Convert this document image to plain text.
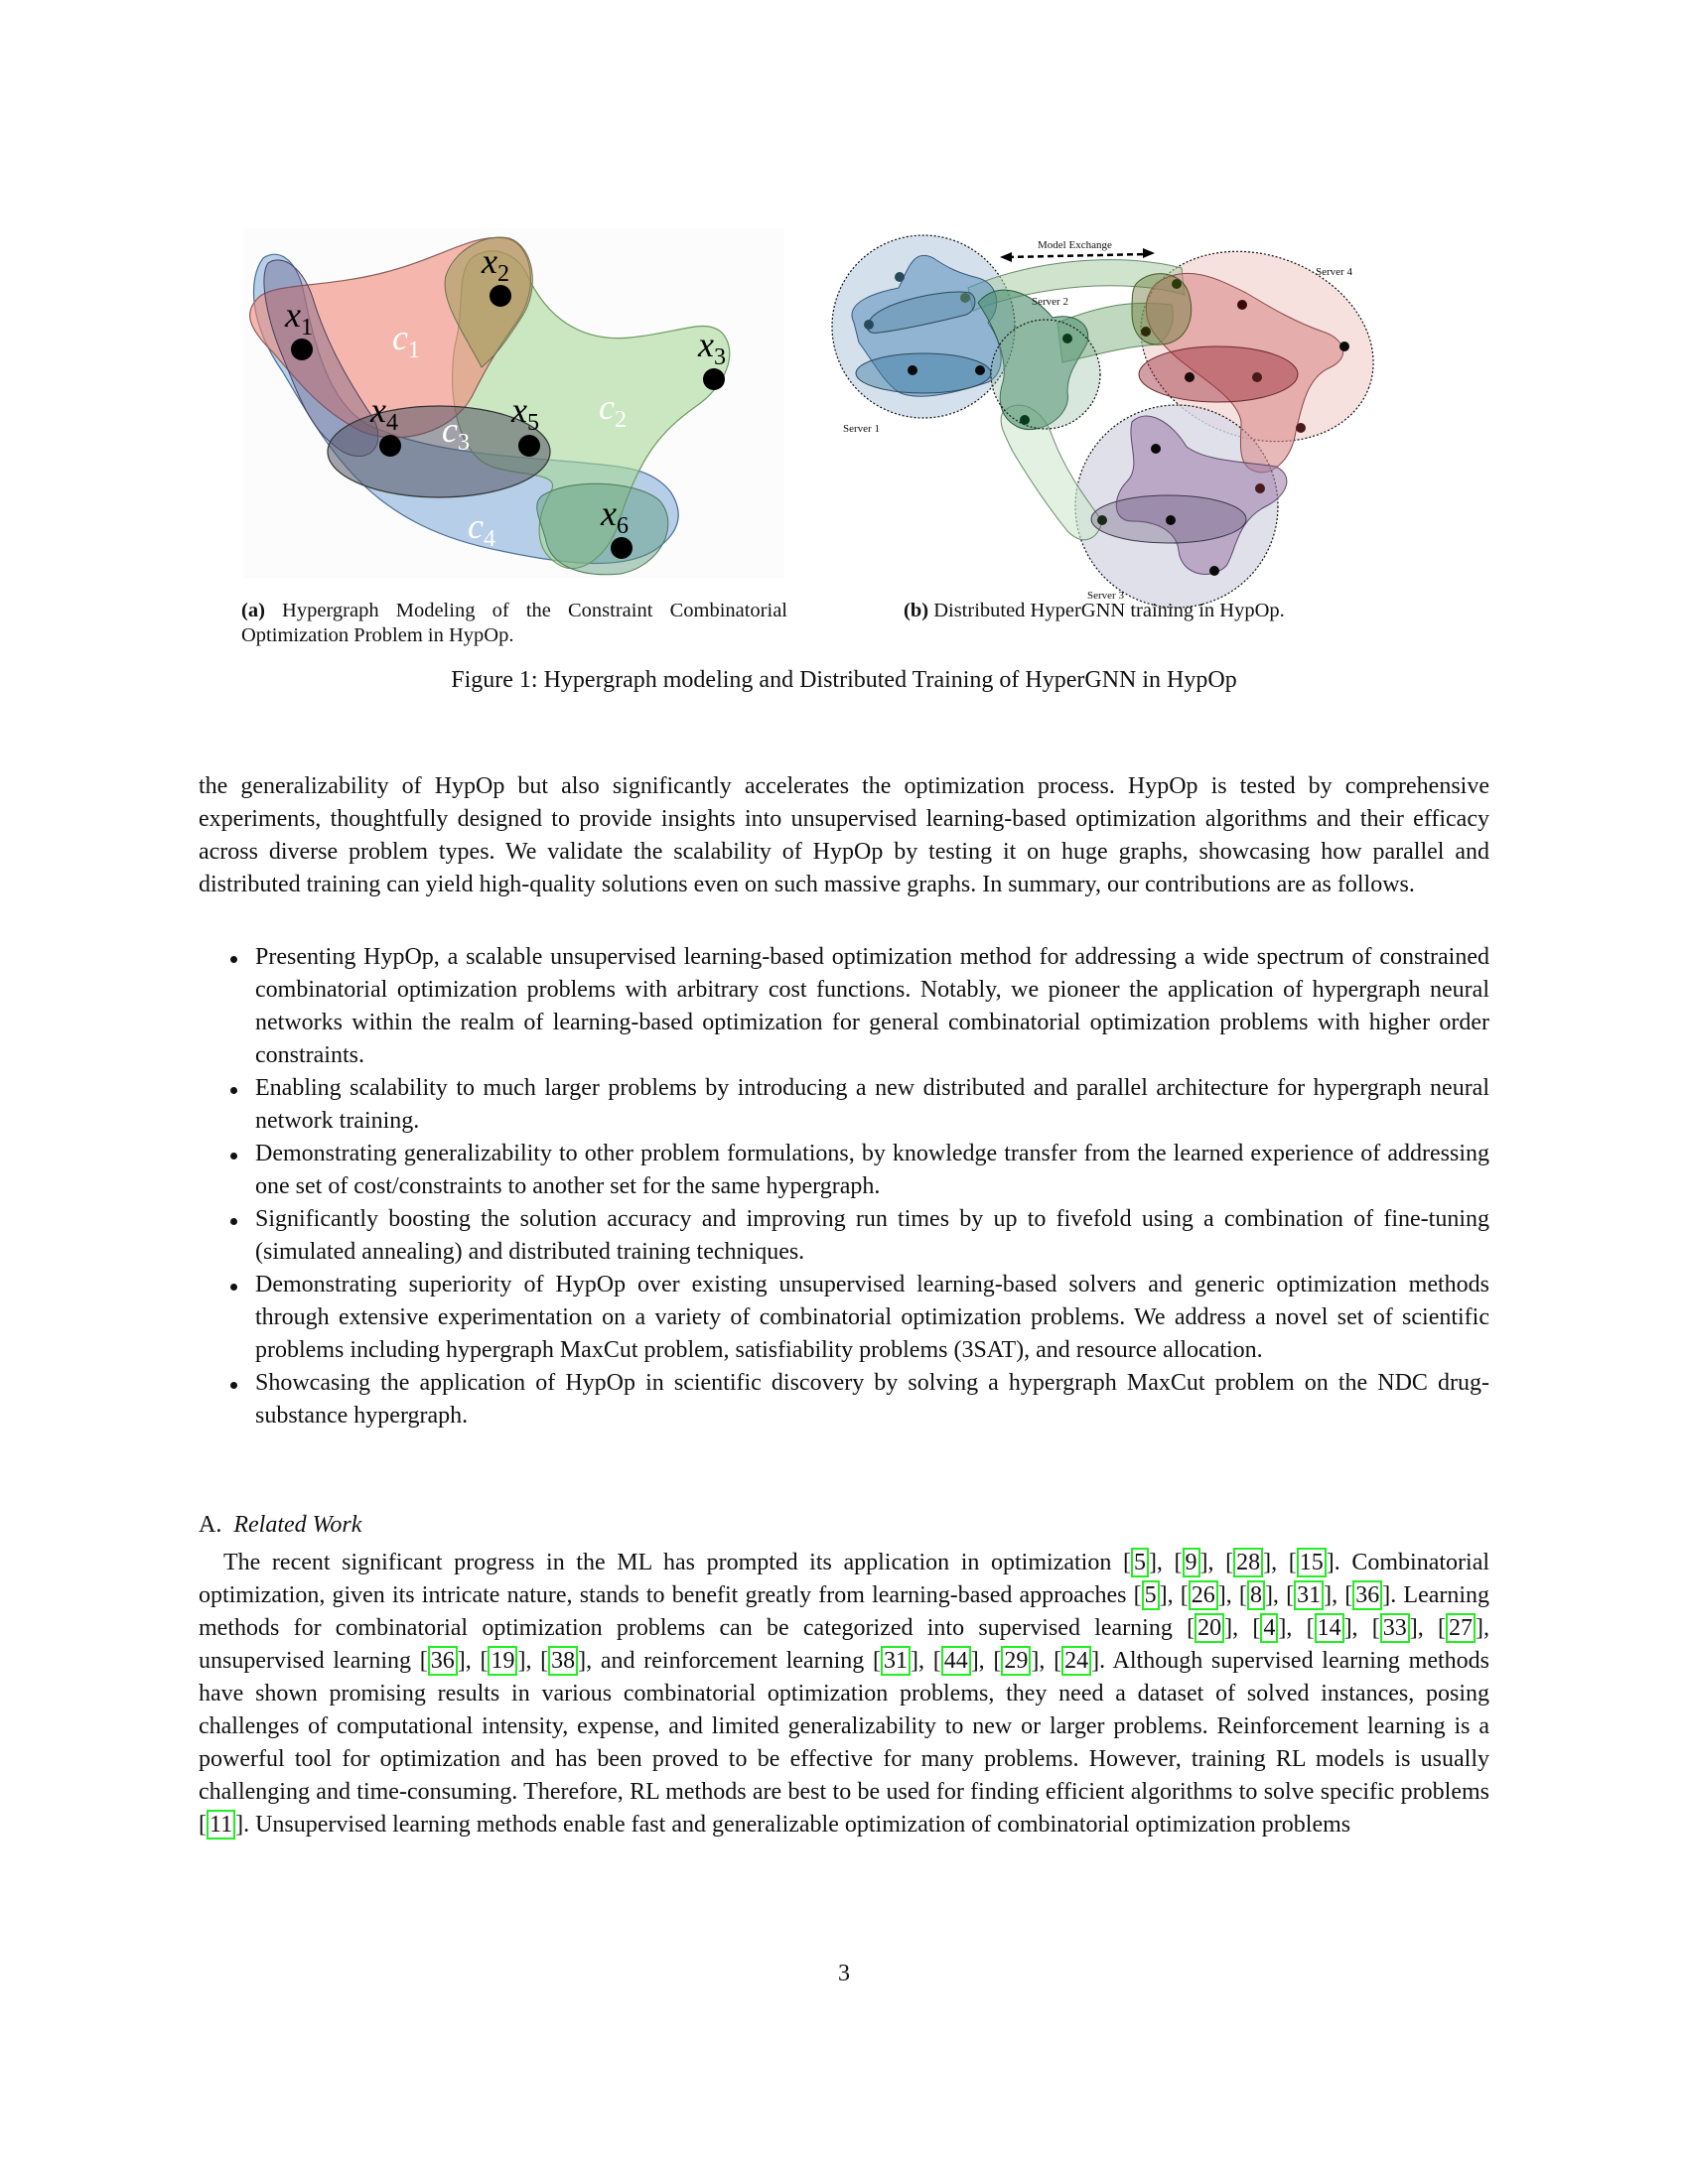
$c_1$
$c_2$
$c_3$
$c_4$
$x_1$
$x_2$
$x_3$
$x_4$	$x_5$
$x_6$
Model Exchange
Server 1
Server 2
Server 3
Server 4
(a) Hypergraph Modeling of the Constraint Combinatorial Optimization Problem in HypOp.
(b) Distributed HyperGNN training in HypOp.
Figure 1: Hypergraph modeling and Distributed Training of HyperGNN in HypOp

the generalizability of HypOp but also significantly accelerates the optimization process. HypOp is tested by comprehensive experiments, thoughtfully designed to provide insights into unsupervised learning-based optimization algorithms and their efficacy across diverse problem types. We validate the scalability of HypOp by testing it on huge graphs, showcasing how parallel and distributed training can yield high-quality solutions even on such massive graphs. In summary, our contributions are as follows.

Presenting HypOp, a scalable unsupervised learning-based optimization method for addressing a wide spectrum of constrained combinatorial optimization problems with arbitrary cost functions. Notably, we pioneer the application of hypergraph neural networks within the realm of learning-based optimization for general combinatorial optimization problems with higher order constraints.
Enabling scalability to much larger problems by introducing a new distributed and parallel architecture for hypergraph neural network training.
Demonstrating generalizability to other problem formulations, by knowledge transfer from the learned experience of addressing one set of cost/constraints to another set for the same hypergraph.
Significantly boosting the solution accuracy and improving run times by up to fivefold using a combination of fine-tuning (simulated annealing) and distributed training techniques.
Demonstrating superiority of HypOp over existing unsupervised learning-based solvers and generic optimization methods through extensive experimentation on a variety of combinatorial optimization problems. We address a novel set of scientific problems including hypergraph MaxCut problem, satisfiability problems (3SAT), and resource allocation.
Showcasing the application of HypOp in scientific discovery by solving a hypergraph MaxCut problem on the NDC drug-substance hypergraph.
A. Related Work

The recent significant progress in the ML has prompted its application in optimization [ 5 ], [ 9 ], [ 28 ], [ 15 ]. Combinatorial optimization, given its intricate nature, stands to benefit greatly from learning-based approaches [ 5 ], [ 26 ], [ 8 ], [ 31 ], [ 36 ]. Learning methods for combinatorial optimization problems can be categorized into supervised learning [ 20 ], [ 4 ], [ 14 ], [ 33 ], [ 27 ], unsupervised learning [ 36 ], [ 19 ], [ 38 ], and reinforcement learning [ 31 ], [ 44 ], [ 29 ], [ 24 ]. Although supervised learning methods have shown promising results in various combinatorial optimization problems, they need a dataset of solved instances, posing challenges of computational intensity, expense, and limited generalizability to new or larger problems. Reinforcement learning is a powerful tool for optimization and has been proved to be effective for many problems. However, training RL models is usually challenging and time-consuming. Therefore, RL methods are best to be used for finding efficient algorithms to solve specific problems [ 11 ]. Unsupervised learning methods enable fast and generalizable optimization of combinatorial optimization problems

3
